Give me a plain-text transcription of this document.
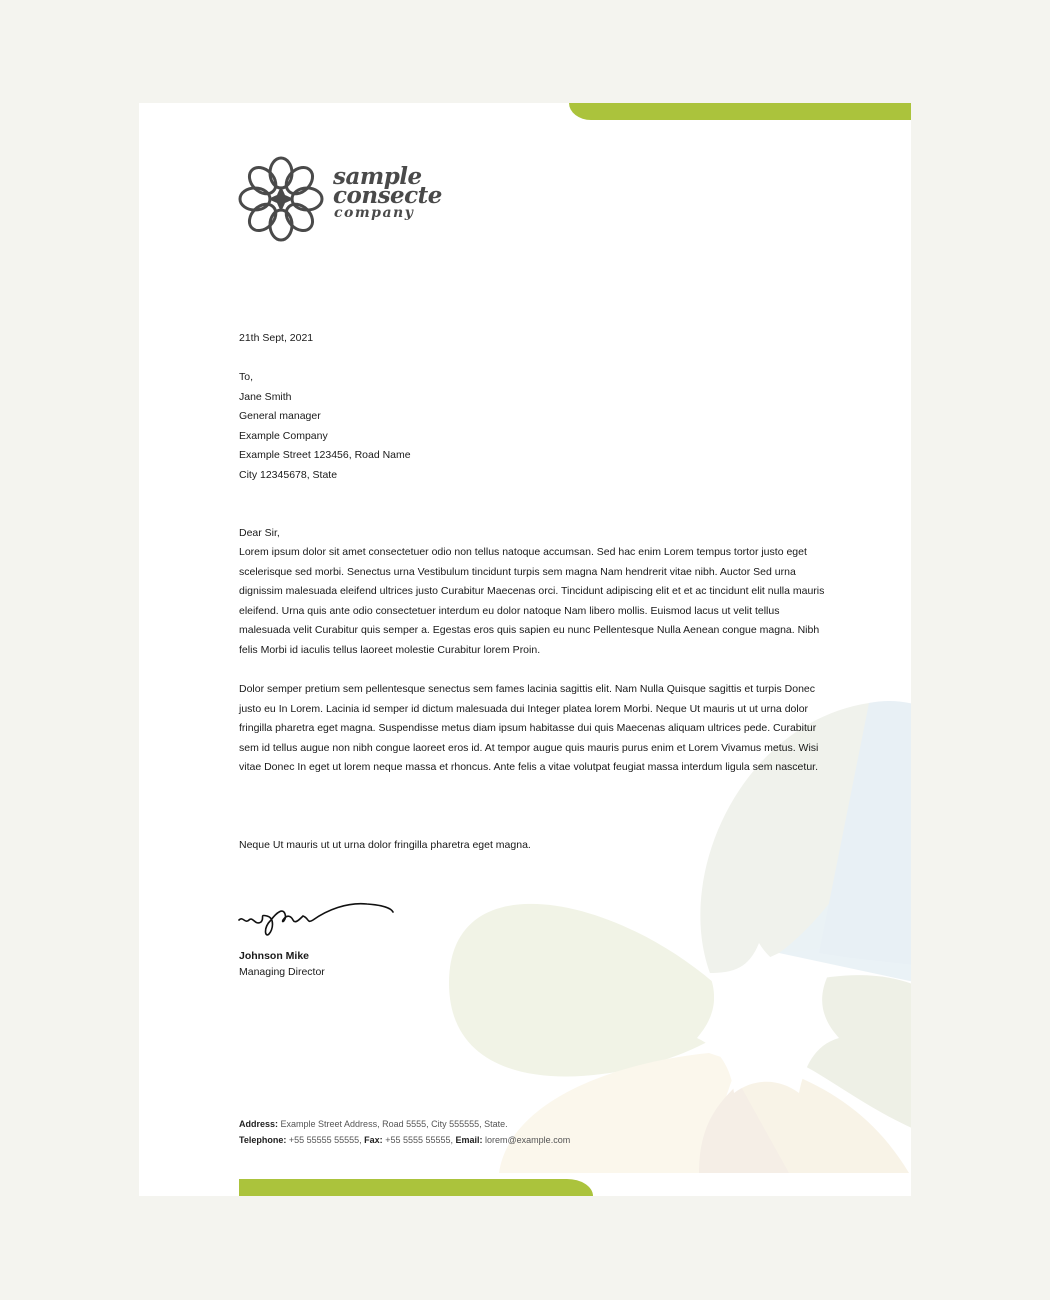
sample
consecte
company
21th Sept, 2021
To,
Jane Smith
General manager
Example Company
Example Street 123456, Road Name
City 12345678, State
Dear Sir,
Lorem ipsum dolor sit amet consectetuer odio non tellus natoque accumsan. Sed hac enim Lorem tempus tortor justo eget scelerisque sed morbi. Senectus urna Vestibulum tincidunt turpis sem magna Nam hendrerit vitae nibh. Auctor Sed urna dignissim malesuada eleifend ultrices justo Curabitur Maecenas orci. Tincidunt adipiscing elit et et ac tincidunt elit nulla mauris eleifend. Urna quis ante odio consectetuer interdum eu dolor natoque Nam libero mollis. Euismod lacus ut velit tellus malesuada velit Curabitur quis semper a. Egestas eros quis sapien eu nunc Pellentesque Nulla Aenean congue magna. Nibh felis Morbi id iaculis tellus laoreet molestie Curabitur lorem Proin.
Dolor semper pretium sem pellentesque senectus sem fames lacinia sagittis elit. Nam Nulla Quisque sagittis et turpis Donec justo eu In Lorem. Lacinia id semper id dictum malesuada dui Integer platea lorem Morbi. Neque Ut mauris ut ut urna dolor fringilla pharetra eget magna. Suspendisse metus diam ipsum habitasse dui quis Maecenas aliquam ultrices pede. Curabitur sem id tellus augue non nibh congue laoreet eros id. At tempor augue quis mauris purus enim et Lorem Vivamus metus. Wisi vitae Donec In eget ut lorem neque massa et rhoncus. Ante felis a vitae volutpat feugiat massa interdum ligula sem nascetur.
Neque Ut mauris ut ut urna dolor fringilla pharetra eget magna.
Johnson Mike
Managing Director
Address: Example Street Address, Road 5555, City 555555, State.
Telephone: +55 55555 55555, Fax: +55 5555 55555, Email: lorem@example.com
